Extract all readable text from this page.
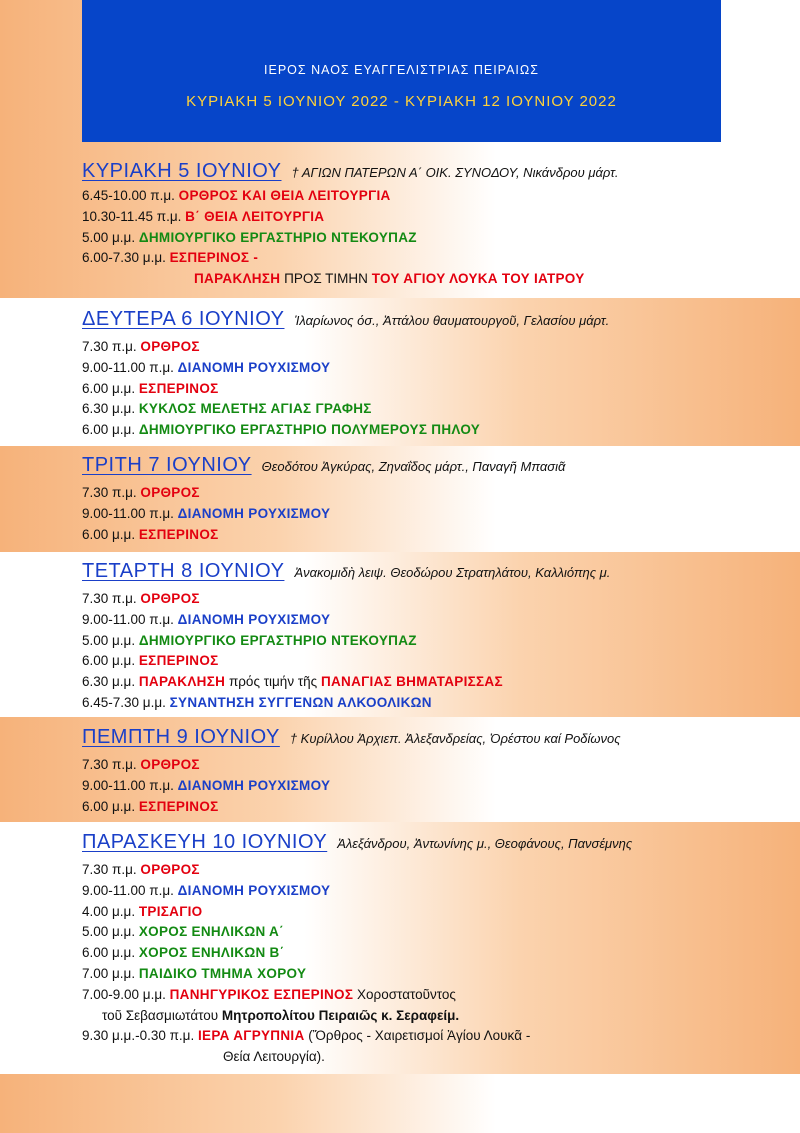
ΙΕΡΟΣ ΝΑΟΣ ΕΥΑΓΓΕΛΙΣΤΡΙΑΣ ΠΕΙΡΑΙΩΣ
ΚΥΡΙΑΚΗ 5 ΙΟΥΝΙΟΥ 2022 - ΚΥΡΙΑΚΗ 12 ΙΟΥΝΙΟΥ 2022
ΚΥΡΙΑΚΗ 5 ΙΟΥΝΙΟΥ † ΑΓΙΩΝ ΠΑΤΕΡΩΝ Α΄ ΟΙΚ. ΣΥΝΟΔΟΥ, Νικάνδρου μάρτ.
6.45-10.00 π.μ. ΟΡΘΡΟΣ ΚΑΙ ΘΕΙΑ ΛΕΙΤΟΥΡΓΙΑ
10.30-11.45 π.μ. Β΄ ΘΕΙΑ ΛΕΙΤΟΥΡΓΙΑ
5.00 μ.μ. ΔΗΜΙΟΥΡΓΙΚΟ ΕΡΓΑΣΤΗΡΙΟ ΝΤΕΚΟΥΠΑΖ
6.00-7.30 μ.μ. ΕΣΠΕΡΙΝΟΣ -
ΠΑΡΑΚΛΗΣΗ ΠΡΟΣ ΤΙΜΗΝ ΤΟΥ ΑΓΙΟΥ ΛΟΥΚΑ ΤΟΥ ΙΑΤΡΟΥ
ΔΕΥΤΕΡΑ 6 ΙΟΥΝΙΟΥ Ἱλαρίωνος όσ., Ἀττάλου θαυματουργοῦ, Γελασίου μάρτ.
7.30 π.μ. ΟΡΘΡΟΣ
9.00-11.00 π.μ. ΔΙΑΝΟΜΗ ΡΟΥΧΙΣΜΟΥ
6.00 μ.μ. ΕΣΠΕΡΙΝΟΣ
6.30 μ.μ. ΚΥΚΛΟΣ ΜΕΛΕΤΗΣ ΑΓΙΑΣ ΓΡΑΦΗΣ
6.00 μ.μ. ΔΗΜΙΟΥΡΓΙΚΟ ΕΡΓΑΣΤΗΡΙΟ ΠΟΛΥΜΕΡΟΥΣ ΠΗΛΟΥ
ΤΡΙΤΗ 7 ΙΟΥΝΙΟΥ Θεοδότου Ἀγκύρας, Ζηναΐδος μάρτ., Παναγῆ Μπασιᾶ
7.30 π.μ. ΟΡΘΡΟΣ
9.00-11.00 π.μ. ΔΙΑΝΟΜΗ ΡΟΥΧΙΣΜΟΥ
6.00 μ.μ. ΕΣΠΕΡΙΝΟΣ
ΤΕΤΑΡΤΗ 8 ΙΟΥΝΙΟΥ Ἀνακομιδὴ λειψ. Θεοδώρου Στρατηλάτου, Καλλιόπης μ.
7.30 π.μ. ΟΡΘΡΟΣ
9.00-11.00 π.μ. ΔΙΑΝΟΜΗ ΡΟΥΧΙΣΜΟΥ
5.00 μ.μ. ΔΗΜΙΟΥΡΓΙΚΟ ΕΡΓΑΣΤΗΡΙΟ ΝΤΕΚΟΥΠΑΖ
6.00 μ.μ. ΕΣΠΕΡΙΝΟΣ
6.30 μ.μ. ΠΑΡΑΚΛΗΣΗ πρός τιμήν τῆς ΠΑΝΑΓΙΑΣ ΒΗΜΑΤΑΡΙΣΣΑΣ
6.45-7.30 μ.μ. ΣΥΝΑΝΤΗΣΗ ΣΥΓΓΕΝΩΝ ΑΛΚΟΟΛΙΚΩΝ
ΠΕΜΠΤΗ 9 ΙΟΥΝΙΟΥ † Κυρίλλου Ἀρχιεπ. Ἀλεξανδρείας, Ὀρέστου καί Ροδίωνος
7.30 π.μ. ΟΡΘΡΟΣ
9.00-11.00 π.μ. ΔΙΑΝΟΜΗ ΡΟΥΧΙΣΜΟΥ
6.00 μ.μ. ΕΣΠΕΡΙΝΟΣ
ΠΑΡΑΣΚΕΥΗ 10 ΙΟΥΝΙΟΥ Ἀλεξάνδρου, Ἀντωνίνης μ., Θεοφάνους, Πανσέμνης
7.30 π.μ. ΟΡΘΡΟΣ
9.00-11.00 π.μ. ΔΙΑΝΟΜΗ ΡΟΥΧΙΣΜΟΥ
4.00 μ.μ. ΤΡΙΣΑΓΙΟ
5.00 μ.μ. ΧΟΡΟΣ ΕΝΗΛΙΚΩΝ Α΄
6.00 μ.μ. ΧΟΡΟΣ ΕΝΗΛΙΚΩΝ Β΄
7.00 μ.μ. ΠΑΙΔΙΚΟ ΤΜΗΜΑ ΧΟΡΟΥ
7.00-9.00 μ.μ. ΠΑΝΗΓΥΡΙΚΟΣ ΕΣΠΕΡΙΝΟΣ Χοροστατοῦντος
τοῦ Σεβασμιωτάτου Μητροπολίτου Πειραιῶς κ. Σεραφείμ.
9.30 μ.μ.-0.30 π.μ. ΙΕΡΑ ΑΓΡΥΠΝΙΑ (Ὄρθρος - Χαιρετισμοί Ἁγίου Λουκᾶ -
Θεία Λειτουργία).
